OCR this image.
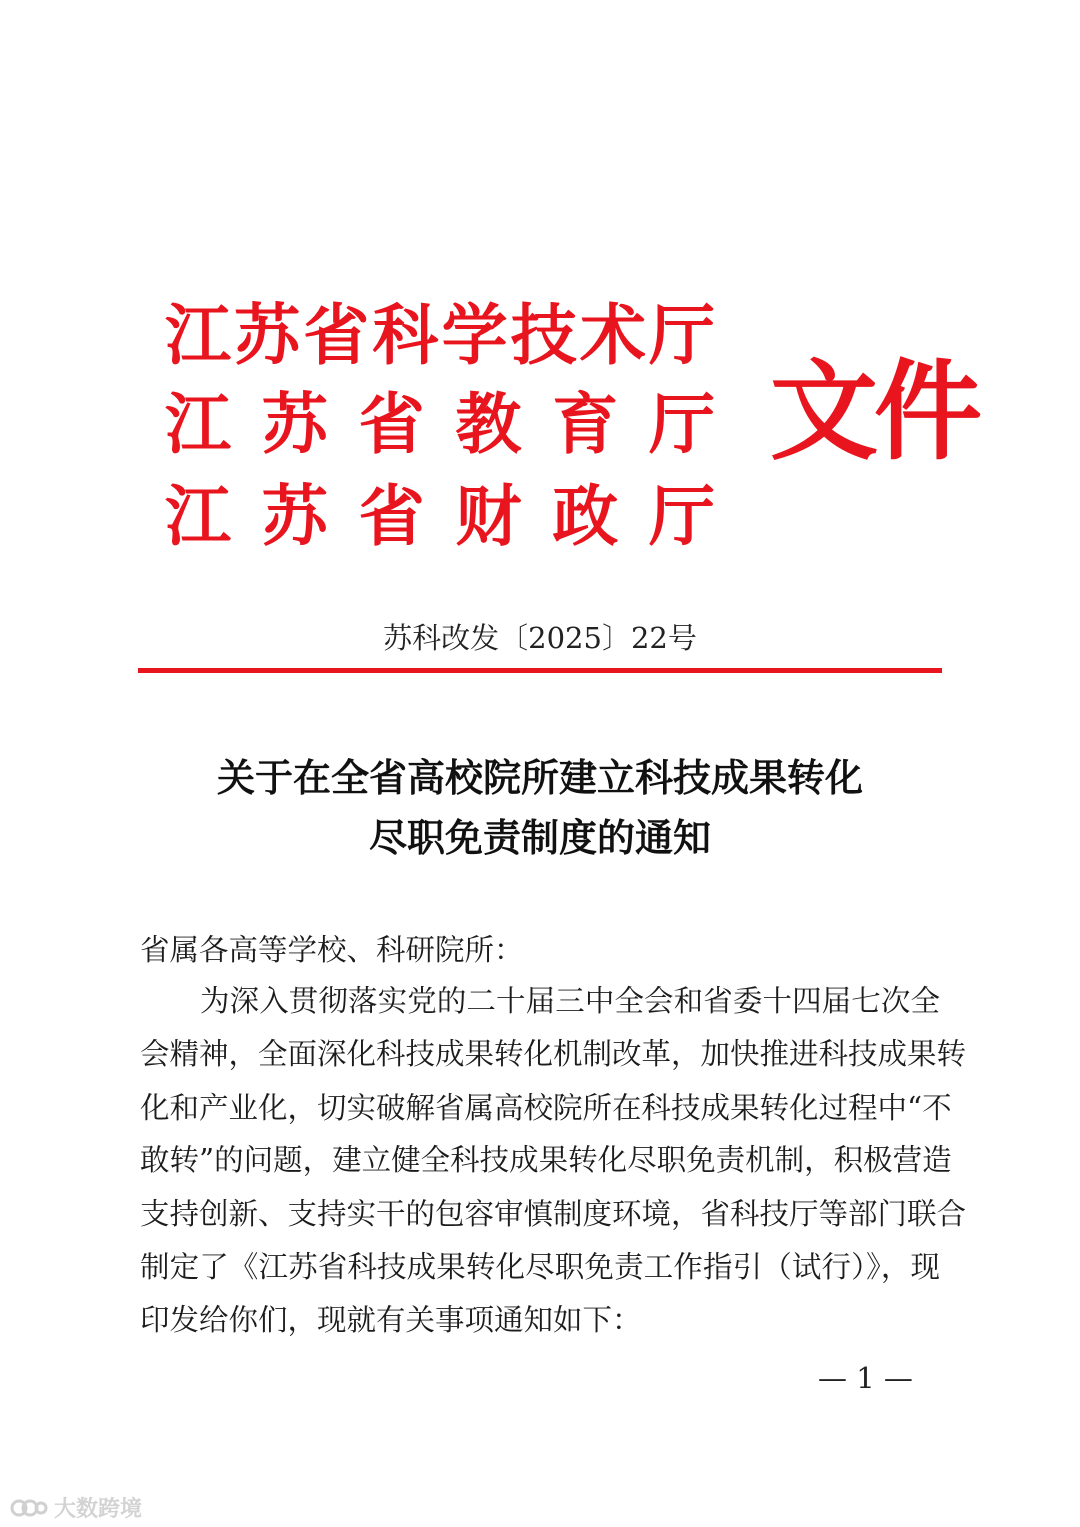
江 苏 省 科 学 技 术 厅
江 苏 省 教 育 厅
江 苏 省 财 政 厅
文件
苏科改发〔2025〕22号
关于在全省高校院所建立科技成果转化
尽职免责制度的通知
省属各高等学校、科研院所：
为深入贯彻落实党的二十届三中全会和省委十四届七次全
会精神，全面深化科技成果转化机制改革，加快推进科技成果转
化和产业化，切实破解省属高校院所在科技成果转化过程中“不
敢转”的问题，建立健全科技成果转化尽职免责机制，积极营造
支持创新、支持实干的包容审慎制度环境，省科技厅等部门联合
制定了《江苏省科技成果转化尽职免责工作指引（试行）》，现
印发给你们，现就有关事项通知如下：
— 1 —
大数跨境
